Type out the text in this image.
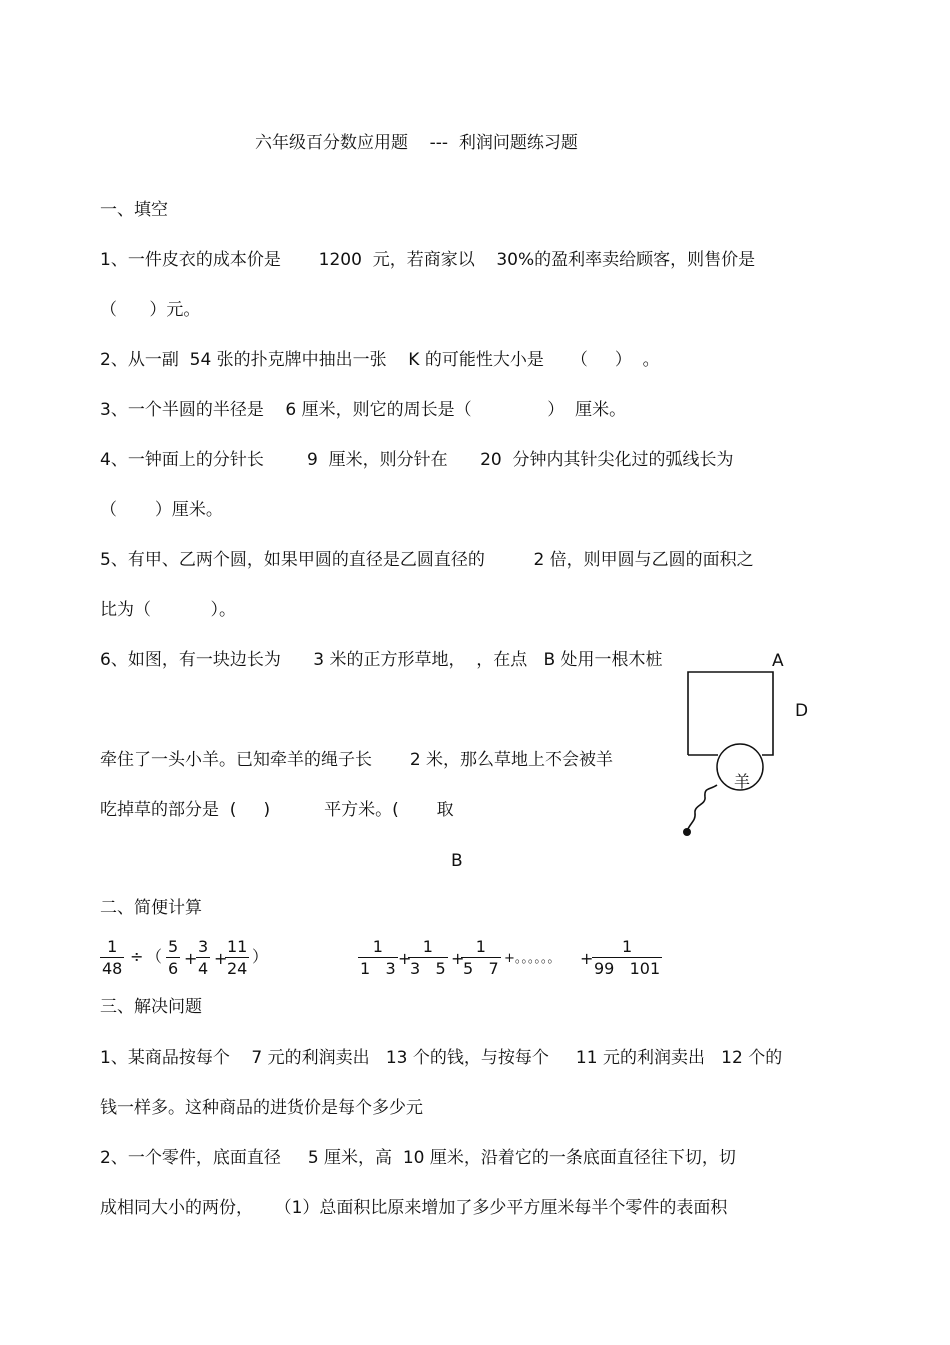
六年级百分数应用题    ---  利润问题练习题
一、填空
1、一件皮衣的成本价是       1200  元，若商家以    30%的盈利率卖给顾客，则售价是
（      ）元。
2、从一副  54 张的扑克牌中抽出一张    K 的可能性大小是     （     ）  。
3、一个半圆的半径是    6 厘米，则它的周长是（              ）  厘米。
4、一钟面上的分针长        9  厘米，则分针在      20  分钟内其针尖化过的弧线长为
（       ）厘米。
5、有甲、乙两个圆，如果甲圆的直径是乙圆直径的         2 倍，则甲圆与乙圆的面积之
比为（           ）。
6、如图，有一块边长为      3 米的正方形草地，  ，在点   B 处用一根木桩
牵住了一头小羊。已知牵羊的绳子长       2 米，那么草地上不会被羊
吃掉草的部分是  (     )          平方米。(       取
A
D
B
羊
二、简便计算
1
48
÷ （
5
6
+
3
4
+
11
24
）
1
1   3
+
1
3   5
+
1
5   7
+。。。。。。 +
1
99   101
三、解决问题
1、某商品按每个    7 元的利润卖出   13 个的钱，与按每个     11 元的利润卖出   12 个的
钱一样多。这种商品的进货价是每个多少元
2、一个零件，底面直径     5 厘米，高  10 厘米，沿着它的一条底面直径往下切，切
成相同大小的两份，    （1）总面积比原来增加了多少平方厘米每半个零件的表面积
